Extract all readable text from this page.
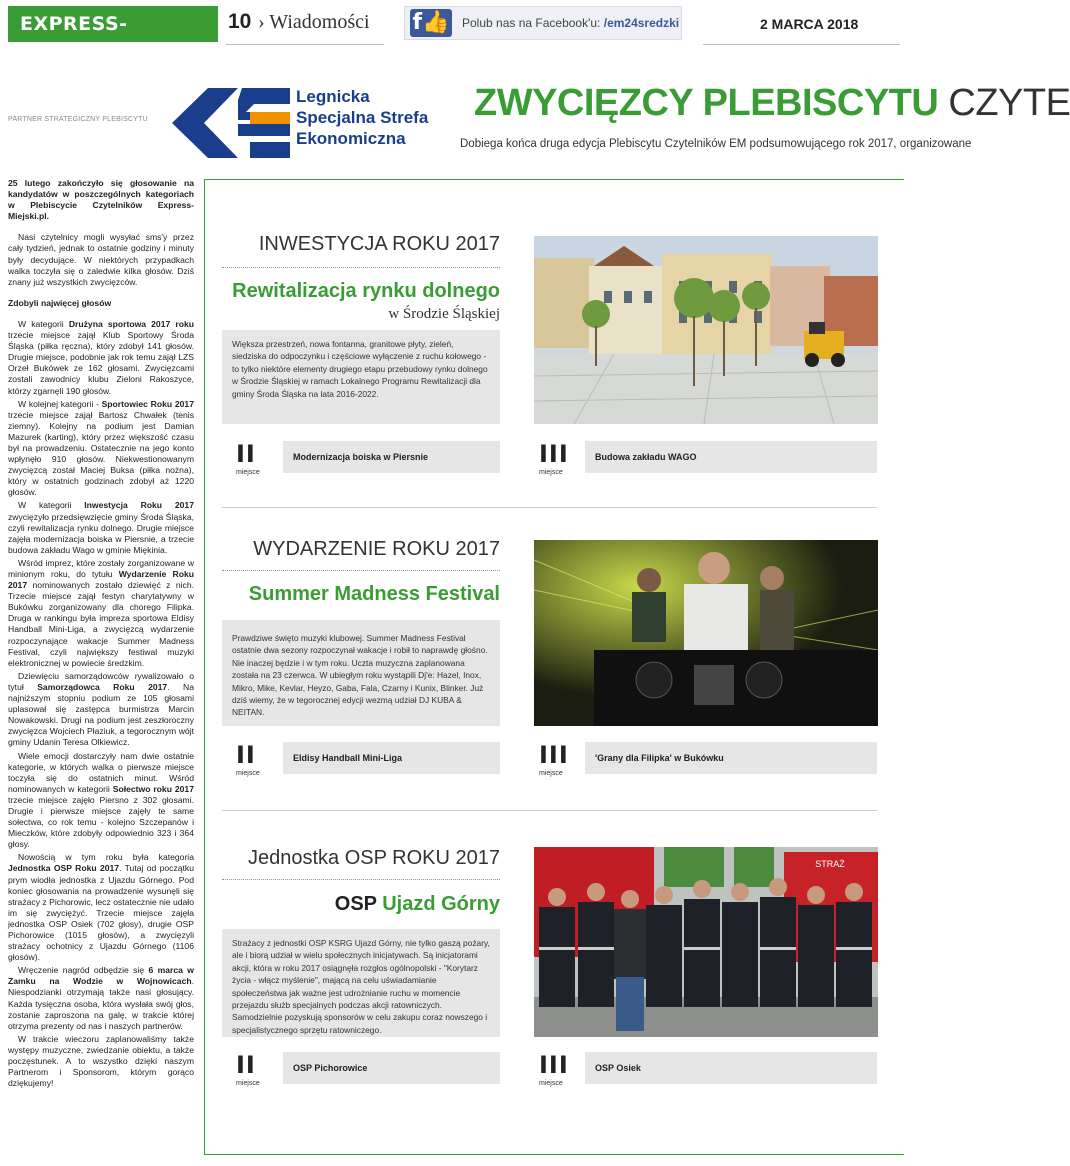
EXPRESS-MIEJSKI.PL
10 › Wiadomości f👍 Polub nas na Facebook'u: /em24sredzki	2 MARCA 2018
PARTNER STRATEGICZNY PLEBISCYTU
Legnicka
Specjalna Strefa
Ekonomiczna
ZWYCIĘZCY PLEBISCYTU CZYTE
Dobiega końca druga edycja Plebiscytu Czytelników EM podsumowującego rok 2017, organizowane

25 lutego zakończyło się głosowanie na kandydatów w poszczególnych kategoriach w Plebiscycie Czytelników Express-Miejski.pl.

Nasi czytelnicy mogli wysyłać sms'y przez cały tydzień, jednak to ostatnie godziny i minuty były decydujące. W niektórych przypadkach walka toczyła się o zaledwie kilka głosów. Dziś znany już wszystkich zwycięzców.

Zdobyli najwięcej głosów

W kategorii Drużyna sportowa 2017 roku trzecie miejsce zajął Klub Sportowy Środa Śląska (piłka ręczna), który zdobył 141 głosów. Drugie miejsce, podobnie jak rok temu zajął LZS Orzeł Bukówek ze 162 głosami. Zwycięzcami zostali zawodnicy klubu Zieloni Rakoszyce, którzy zgarnęli 190 głosów.

W kolejnej kategorii - Sportowiec Roku 2017 trzecie miejsce zajął Bartosz Chwałek (tenis ziemny). Kolejny na podium jest Damian Mazurek (karting), który przez większość czasu był na prowadzeniu. Ostatecznie na jego konto wpłynęło 910 głosów. Niekwestionowanym zwycięzcą został Maciej Buksa (piłka nożna), który w ostatnich godzinach zdobył aż 1220 głosów.

W kategorii Inwestycja Roku 2017 zwycięzyło przedsięwzięcie gminy Środa Śląska, czyli rewitalizacja rynku dolnego. Drugie miejsce zajęła modernizacja boiska w Piersnie, a trzecie budowa zakładu Wago w gminie Miękinia.

Wśród imprez, które zostały zorganizowane w minionym roku, do tytułu Wydarzenie Roku 2017 nominowanych zostało dziewięć z nich. Trzecie miejsce zajął festyn charytatywny w Bukówku zorganizowany dla chorego Filipka. Druga w rankingu była impreza sportowa Eldisy Handball Mini-Liga, a zwycięzcą wydarzenie rozpoczynające wakacje Summer Madness Festival, czyli największy festiwal muzyki elektronicznej w powiecie średzkim.

Dziewięciu samorządowców rywalizowało o tytuł Samorządowca Roku 2017. Na najniższym stopniu podium ze 105 głosami uplasował się zastępca burmistrza Marcin Nowakowski. Drugi na podium jest zeszłoroczny zwycięzca Wojciech Płaziuk, a tegorocznym wójt gminy Udanin Teresa Olkiewicz.

Wiele emocji dostarczyły nam dwie ostatnie kategorie, w których walka o pierwsze miejsce toczyła się do ostatnich minut. Wśród nominowanych w kategorii Sołectwo roku 2017 trzecie miejsce zajęło Piersno z 302 głosami. Drugie i pierwsze miejsce zajęły te same sołectwa, co rok temu - kolejno Szczepanów i Mieczków, które zdobyły odpowiednio 323 i 364 głosy.

Nowością w tym roku była kategoria Jednostka OSP Roku 2017. Tutaj od początku prym wiodła jednostka z Ujazdu Górnego. Pod koniec głosowania na prowadzenie wysunęli się strażacy z Pichorowic, lecz ostatecznie nie udało im się zwyciężyć. Trzecie miejsce zajęła jednostka OSP Osiek (702 głosy), drugie OSP Pichorowice (1015 głosów), a zwycięzyli strażacy ochotnicy z Ujazdu Górnego (1106 głosów).

Wręczenie nagród odbędzie się 6 marca w Zamku na Wodzie w Wojnowicach. Niespodzianki otrzymają także nasi głosujący. Każda tysięczna osoba, która wysłała swój głos, zostanie zaproszona na galę, w trakcie której otrzyma prezenty od nas i naszych partnerów.

W trakcie wieczoru zaplanowaliśmy także występy muzyczne, zwiedzanie obiektu, a także poczęstunek. A to wszystko dzięki naszym Partnerom i Sponsorom, którym gorąco dziękujemy!

INWESTYCJA ROKU 2017
Rewitalizacja rynku dolnego
w Środzie Śląskiej
Większa przestrzeń, nowa fontanna, granitowe płyty, zieleń, siedziska do odpoczynku i częściowe wyłączenie z ruchu kołowego - to tylko niektóre elementy drugiego etapu przebudowy rynku dolnego w Środzie Śląskiej w ramach Lokalnego Programu Rewitalizacji dla gminy Środa Śląska na lata 2016-2022.
II
miejsce
Modernizacja boiska w Piersnie	III
miejsce
Budowa zakładu WAGO
WYDARZENIE ROKU 2017
Summer Madness Festival
Prawdziwe święto muzyki klubowej. Summer Madness Festival ostatnie dwa sezony rozpoczynał wakacje i robił to naprawdę głośno. Nie inaczej będzie i w tym roku. Uczta muzyczna zaplanowana została na 23 czerwca. W ubiegłym roku wystąpili Dj'e: Hazel, Inox, Mikro, Mike, Kevlar, Heyzo, Gaba, Fala, Czarny i Kunix, Blinker. Już dziś wiemy, że w tegorocznej edycji wezmą udział DJ KUBA & NEITAN.
II
miejsce
Eldisy Handball Mini-Liga	III
miejsce
'Grany dla Filipka' w Bukówku
Jednostka OSP ROKU 2017
OSP Ujazd Górny
Strażacy z jednostki OSP KSRG Ujazd Górny, nie tylko gaszą pożary, ale i biorą udział w wielu społecznych inicjatywach. Są inicjatorami akcji, która w roku 2017 osiągnęła rozgłos ogólnopolski - "Korytarz życia - włącz myślenie", mającą na celu uświadamianie społeczeństwa jak ważne jest udrożnianie ruchu w momencie przejazdu służb specjalnych podczas akcji ratowniczych. Samodzielnie pozyskują sponsorów w celu zakupu coraz nowszego i specjalistycznego sprzętu ratowniczego.
STRAŻ
II
miejsce
OSP Pichorowice	III
miejsce
OSP Osiek
